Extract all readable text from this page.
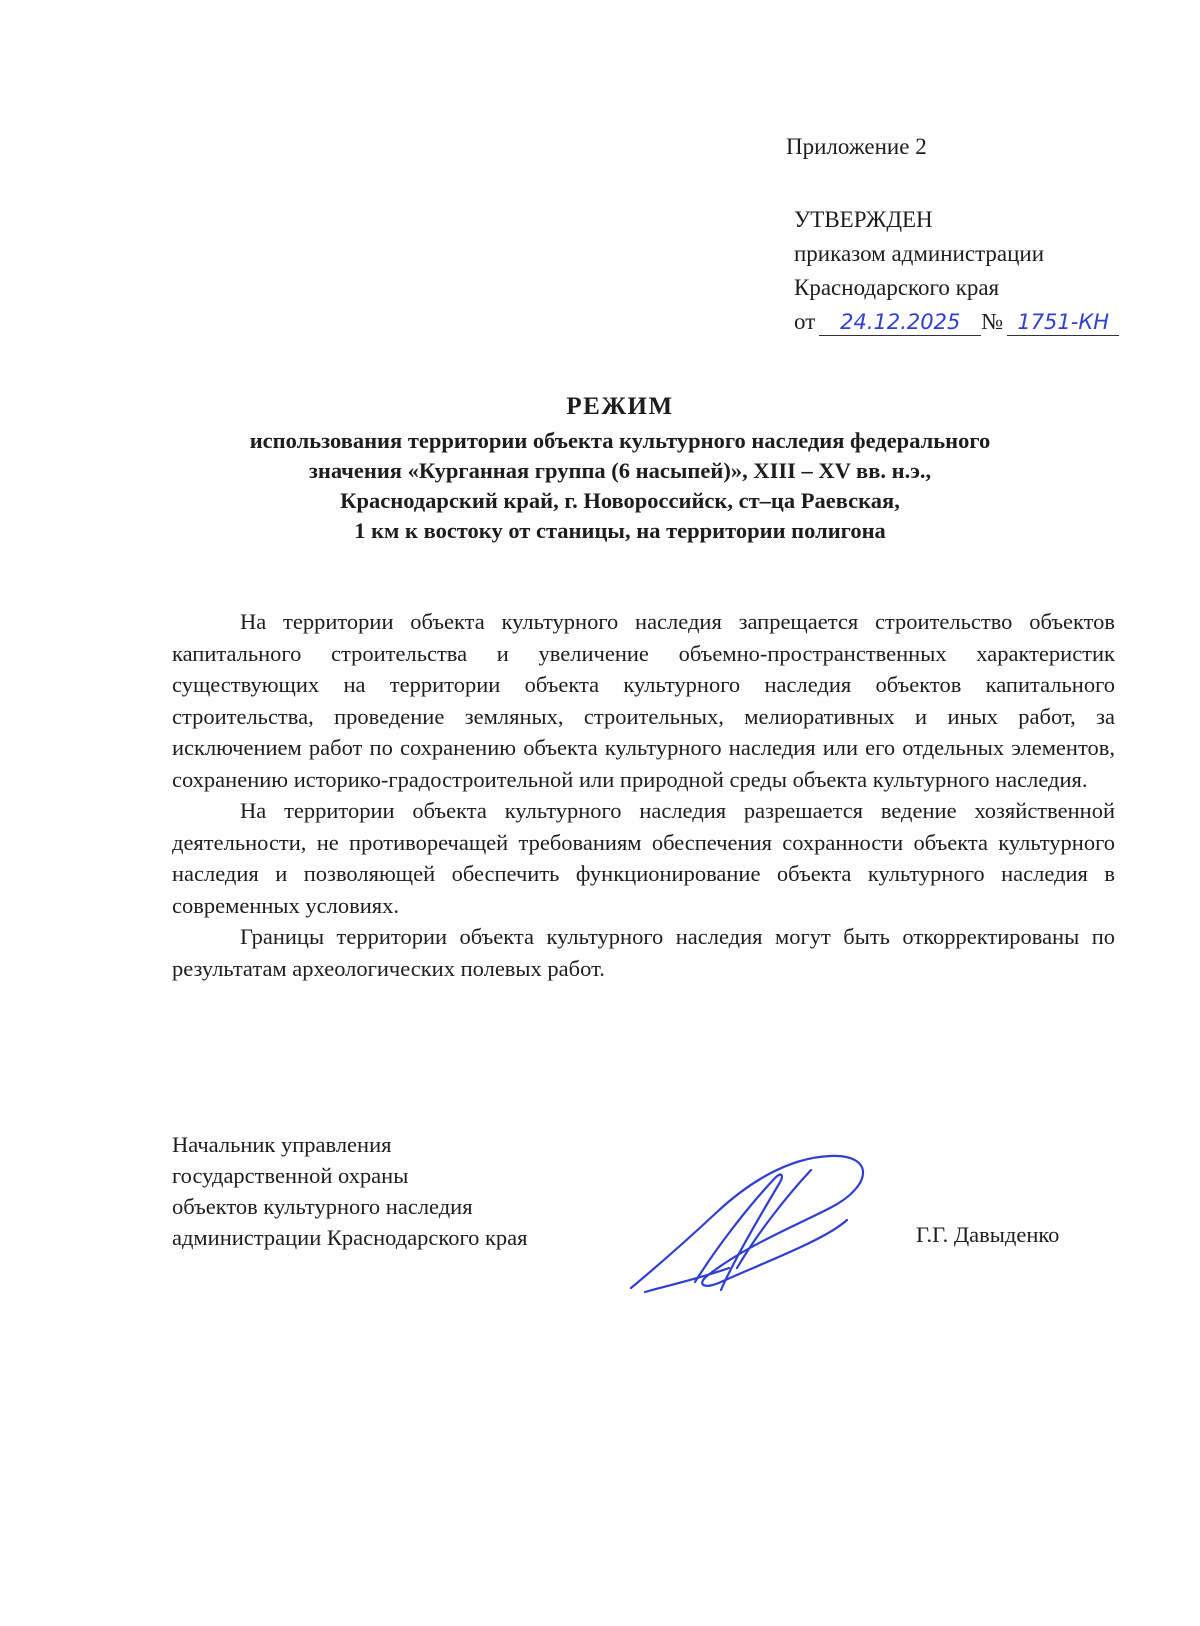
Приложение 2
УТВЕРЖДЕН
приказом администрации
Краснодарского края
от 24.12.2025 № 1751-КН
РЕЖИМ
использования территории объекта культурного наследия федерального
значения «Курганная группа (6 насыпей)», XIII – XV вв. н.э.,
Краснодарский край, г. Новороссийск, ст–ца Раевская,
1 км к востоку от станицы, на территории полигона

На территории объекта культурного наследия запрещается строительство объектов капитального строительства и увеличение объемно-пространственных характеристик существующих на территории объекта культурного наследия объектов капитального строительства, проведение земляных, строительных, мелиоративных и иных работ, за исключением работ по сохранению объекта культурного наследия или его отдельных элементов, сохранению историко-градостроительной или природной среды объекта культурного наследия.

На территории объекта культурного наследия разрешается ведение хозяйственной деятельности, не противоречащей требованиям обеспечения сохранности объекта культурного наследия и позволяющей обеспечить функционирование объекта культурного наследия в современных условиях.

Границы территории объекта культурного наследия могут быть откорректированы по результатам археологических полевых работ.

Начальник управления
государственной охраны
объектов культурного наследия
администрации Краснодарского края	Г.Г. Давыденко
